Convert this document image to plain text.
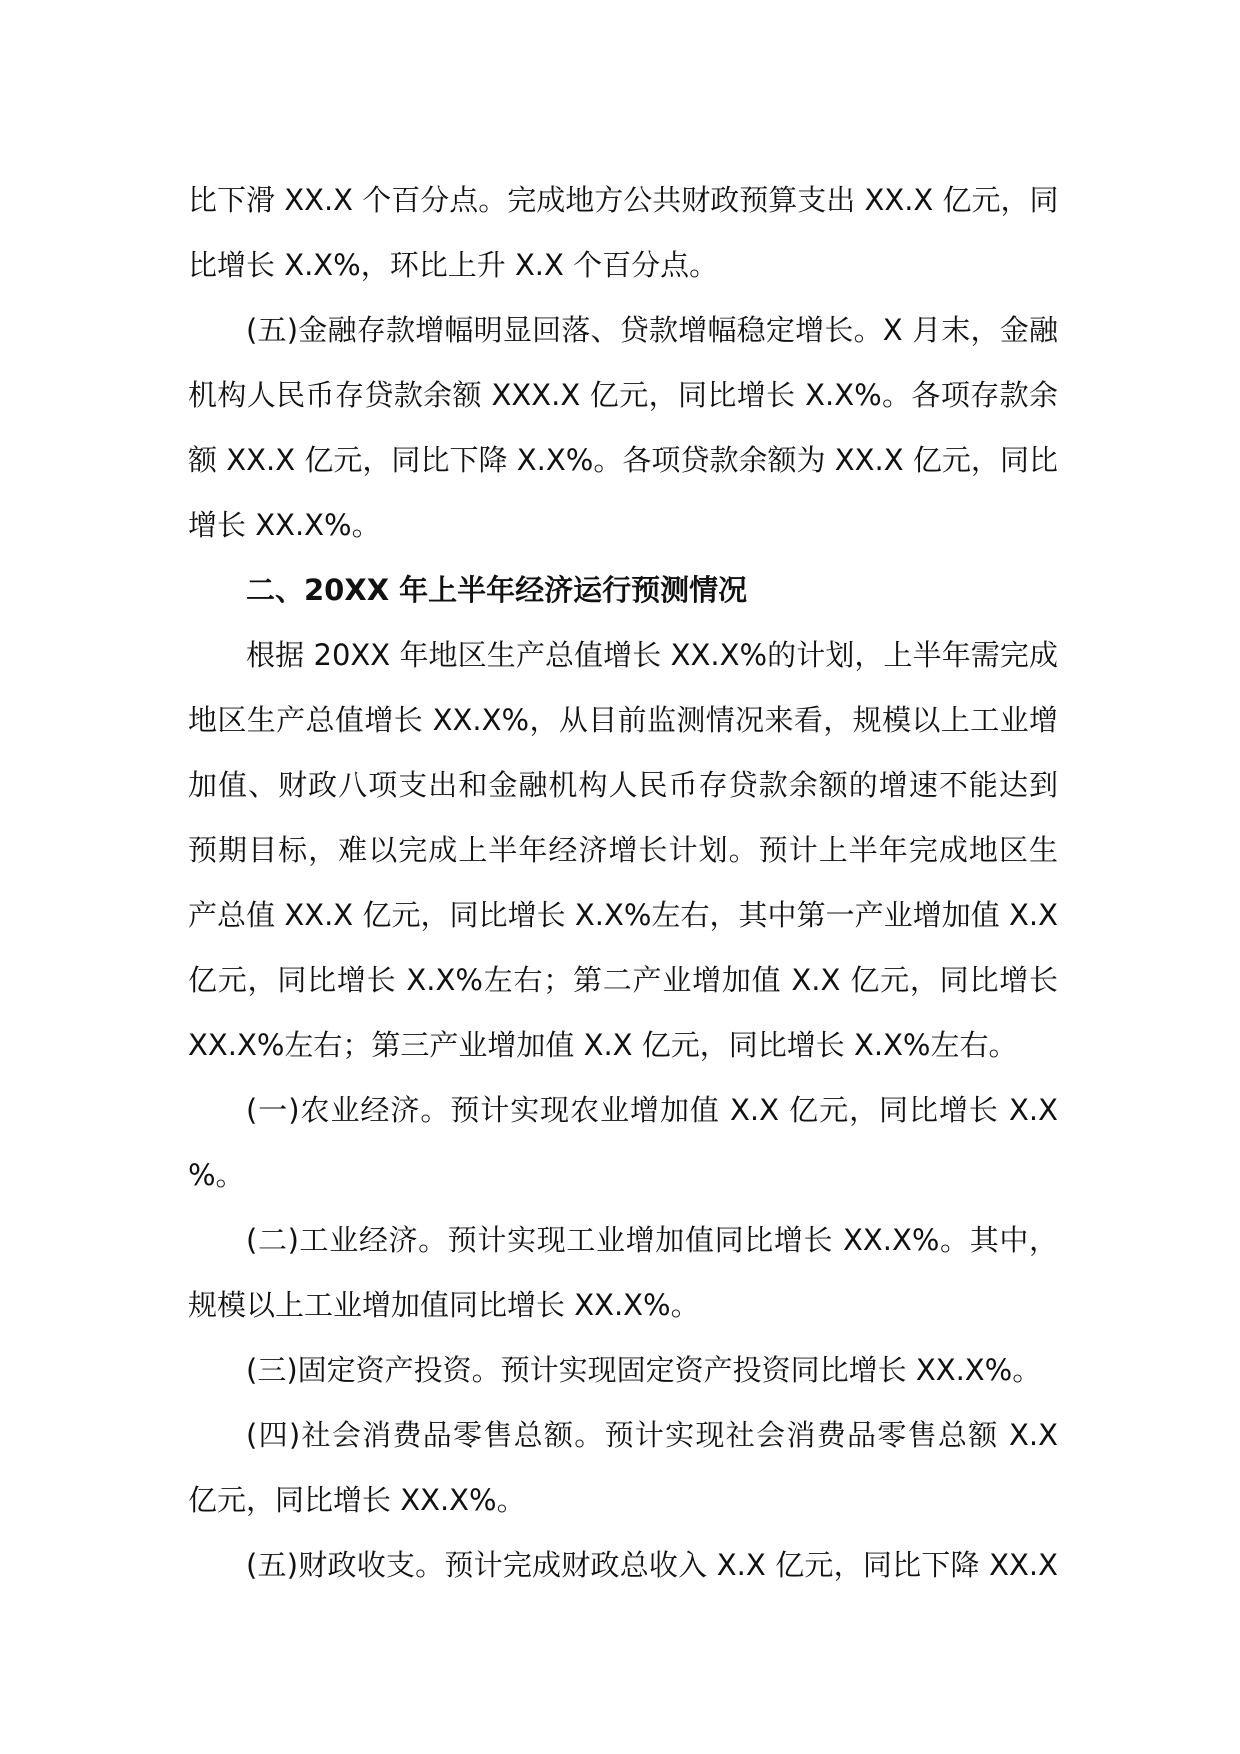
比下滑 XX.X 个百分点。完成地方公共财政预算支出 XX.X 亿元，同
比增长 X.X%，环比上升 X.X 个百分点。
(五)金融存款增幅明显回落、贷款增幅稳定增长。X 月末，金融
机构人民币存贷款余额 XXX.X 亿元，同比增长 X.X%。各项存款余
额 XX.X 亿元，同比下降 X.X%。各项贷款余额为 XX.X 亿元，同比
增长 XX.X%。
二、20XX 年上半年经济运行预测情况
根据 20XX 年地区生产总值增长 XX.X%的计划，上半年需完成
地区生产总值增长 XX.X%，从目前监测情况来看，规模以上工业增
加值、财政八项支出和金融机构人民币存贷款余额的增速不能达到
预期目标，难以完成上半年经济增长计划。预计上半年完成地区生
产总值 XX.X 亿元，同比增长 X.X%左右，其中第一产业增加值 X.X
亿元，同比增长 X.X%左右；第二产业增加值 X.X 亿元，同比增长
XX.X%左右；第三产业增加值 X.X 亿元，同比增长 X.X%左右。
(一)农业经济。预计实现农业增加值 X.X 亿元，同比增长 X.X
%。
(二)工业经济。预计实现工业增加值同比增长 XX.X%。其中，
规模以上工业增加值同比增长 XX.X%。
(三)固定资产投资。预计实现固定资产投资同比增长 XX.X%。
(四)社会消费品零售总额。预计实现社会消费品零售总额 X.X
亿元，同比增长 XX.X%。
(五)财政收支。预计完成财政总收入 X.X 亿元，同比下降 XX.X
